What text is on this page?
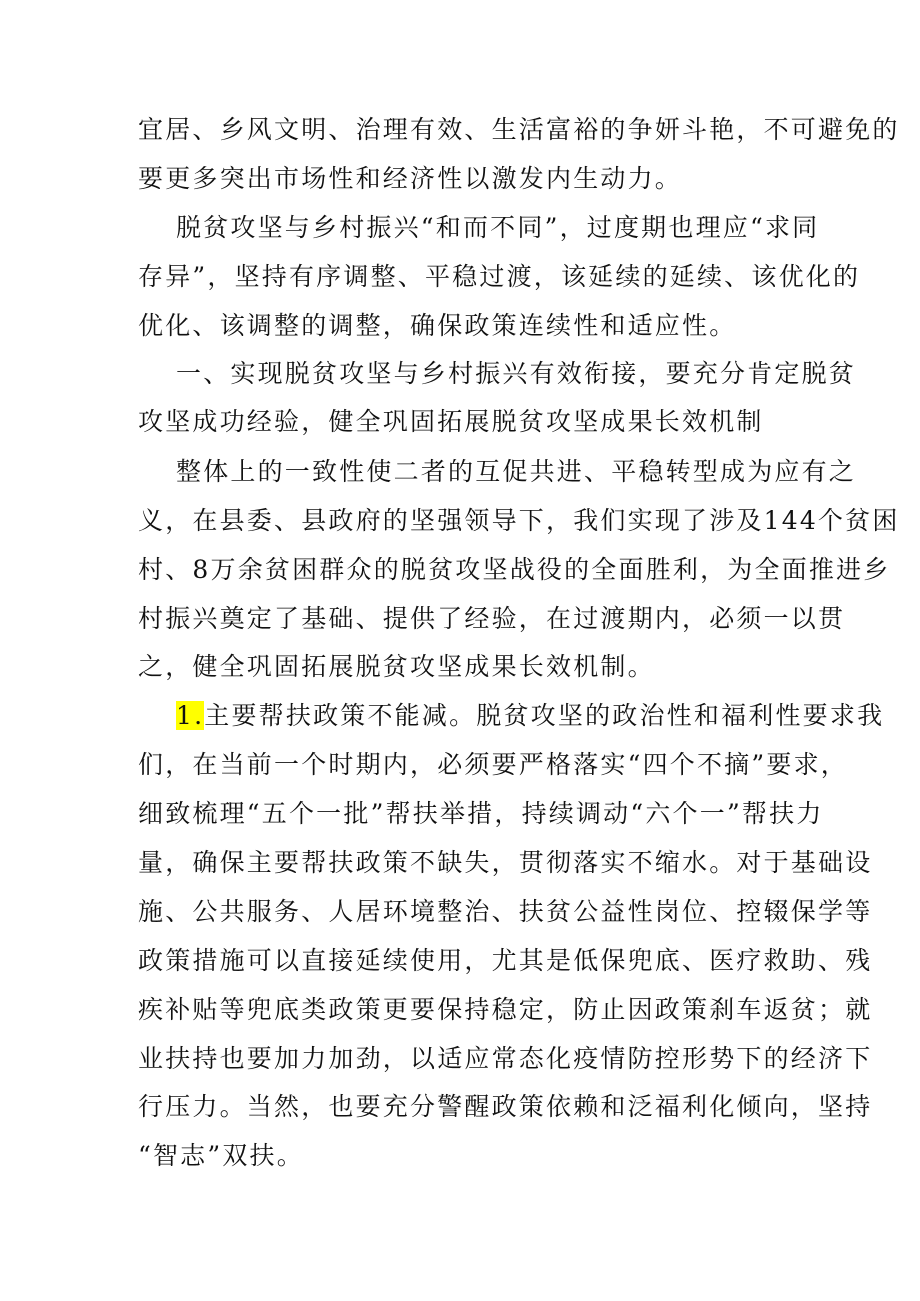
宜居、乡风文明、治理有效、生活富裕的争妍斗艳，不可避免的
要更多突出市场性和经济性以激发内生动力。
脱贫攻坚与乡村振兴“和而不同”，过度期也理应“求同
存异”，坚持有序调整、平稳过渡，该延续的延续、该优化的
优化、该调整的调整，确保政策连续性和适应性。
一、实现脱贫攻坚与乡村振兴有效衔接，要充分肯定脱贫
攻坚成功经验，健全巩固拓展脱贫攻坚成果长效机制
整体上的一致性使二者的互促共进、平稳转型成为应有之
义，在县委、县政府的坚强领导下，我们实现了涉及144个贫困
村、8万余贫困群众的脱贫攻坚战役的全面胜利，为全面推进乡
村振兴奠定了基础、提供了经验，在过渡期内，必须一以贯
之，健全巩固拓展脱贫攻坚成果长效机制。
1.主要帮扶政策不能减。脱贫攻坚的政治性和福利性要求我
们，在当前一个时期内，必须要严格落实“四个不摘”要求，
细致梳理“五个一批”帮扶举措，持续调动“六个一”帮扶力
量，确保主要帮扶政策不缺失，贯彻落实不缩水。对于基础设
施、公共服务、人居环境整治、扶贫公益性岗位、控辍保学等
政策措施可以直接延续使用，尤其是低保兜底、医疗救助、残
疾补贴等兜底类政策更要保持稳定，防止因政策刹车返贫；就
业扶持也要加力加劲，以适应常态化疫情防控形势下的经济下
行压力。当然，也要充分警醒政策依赖和泛福利化倾向，坚持
“智志”双扶。
